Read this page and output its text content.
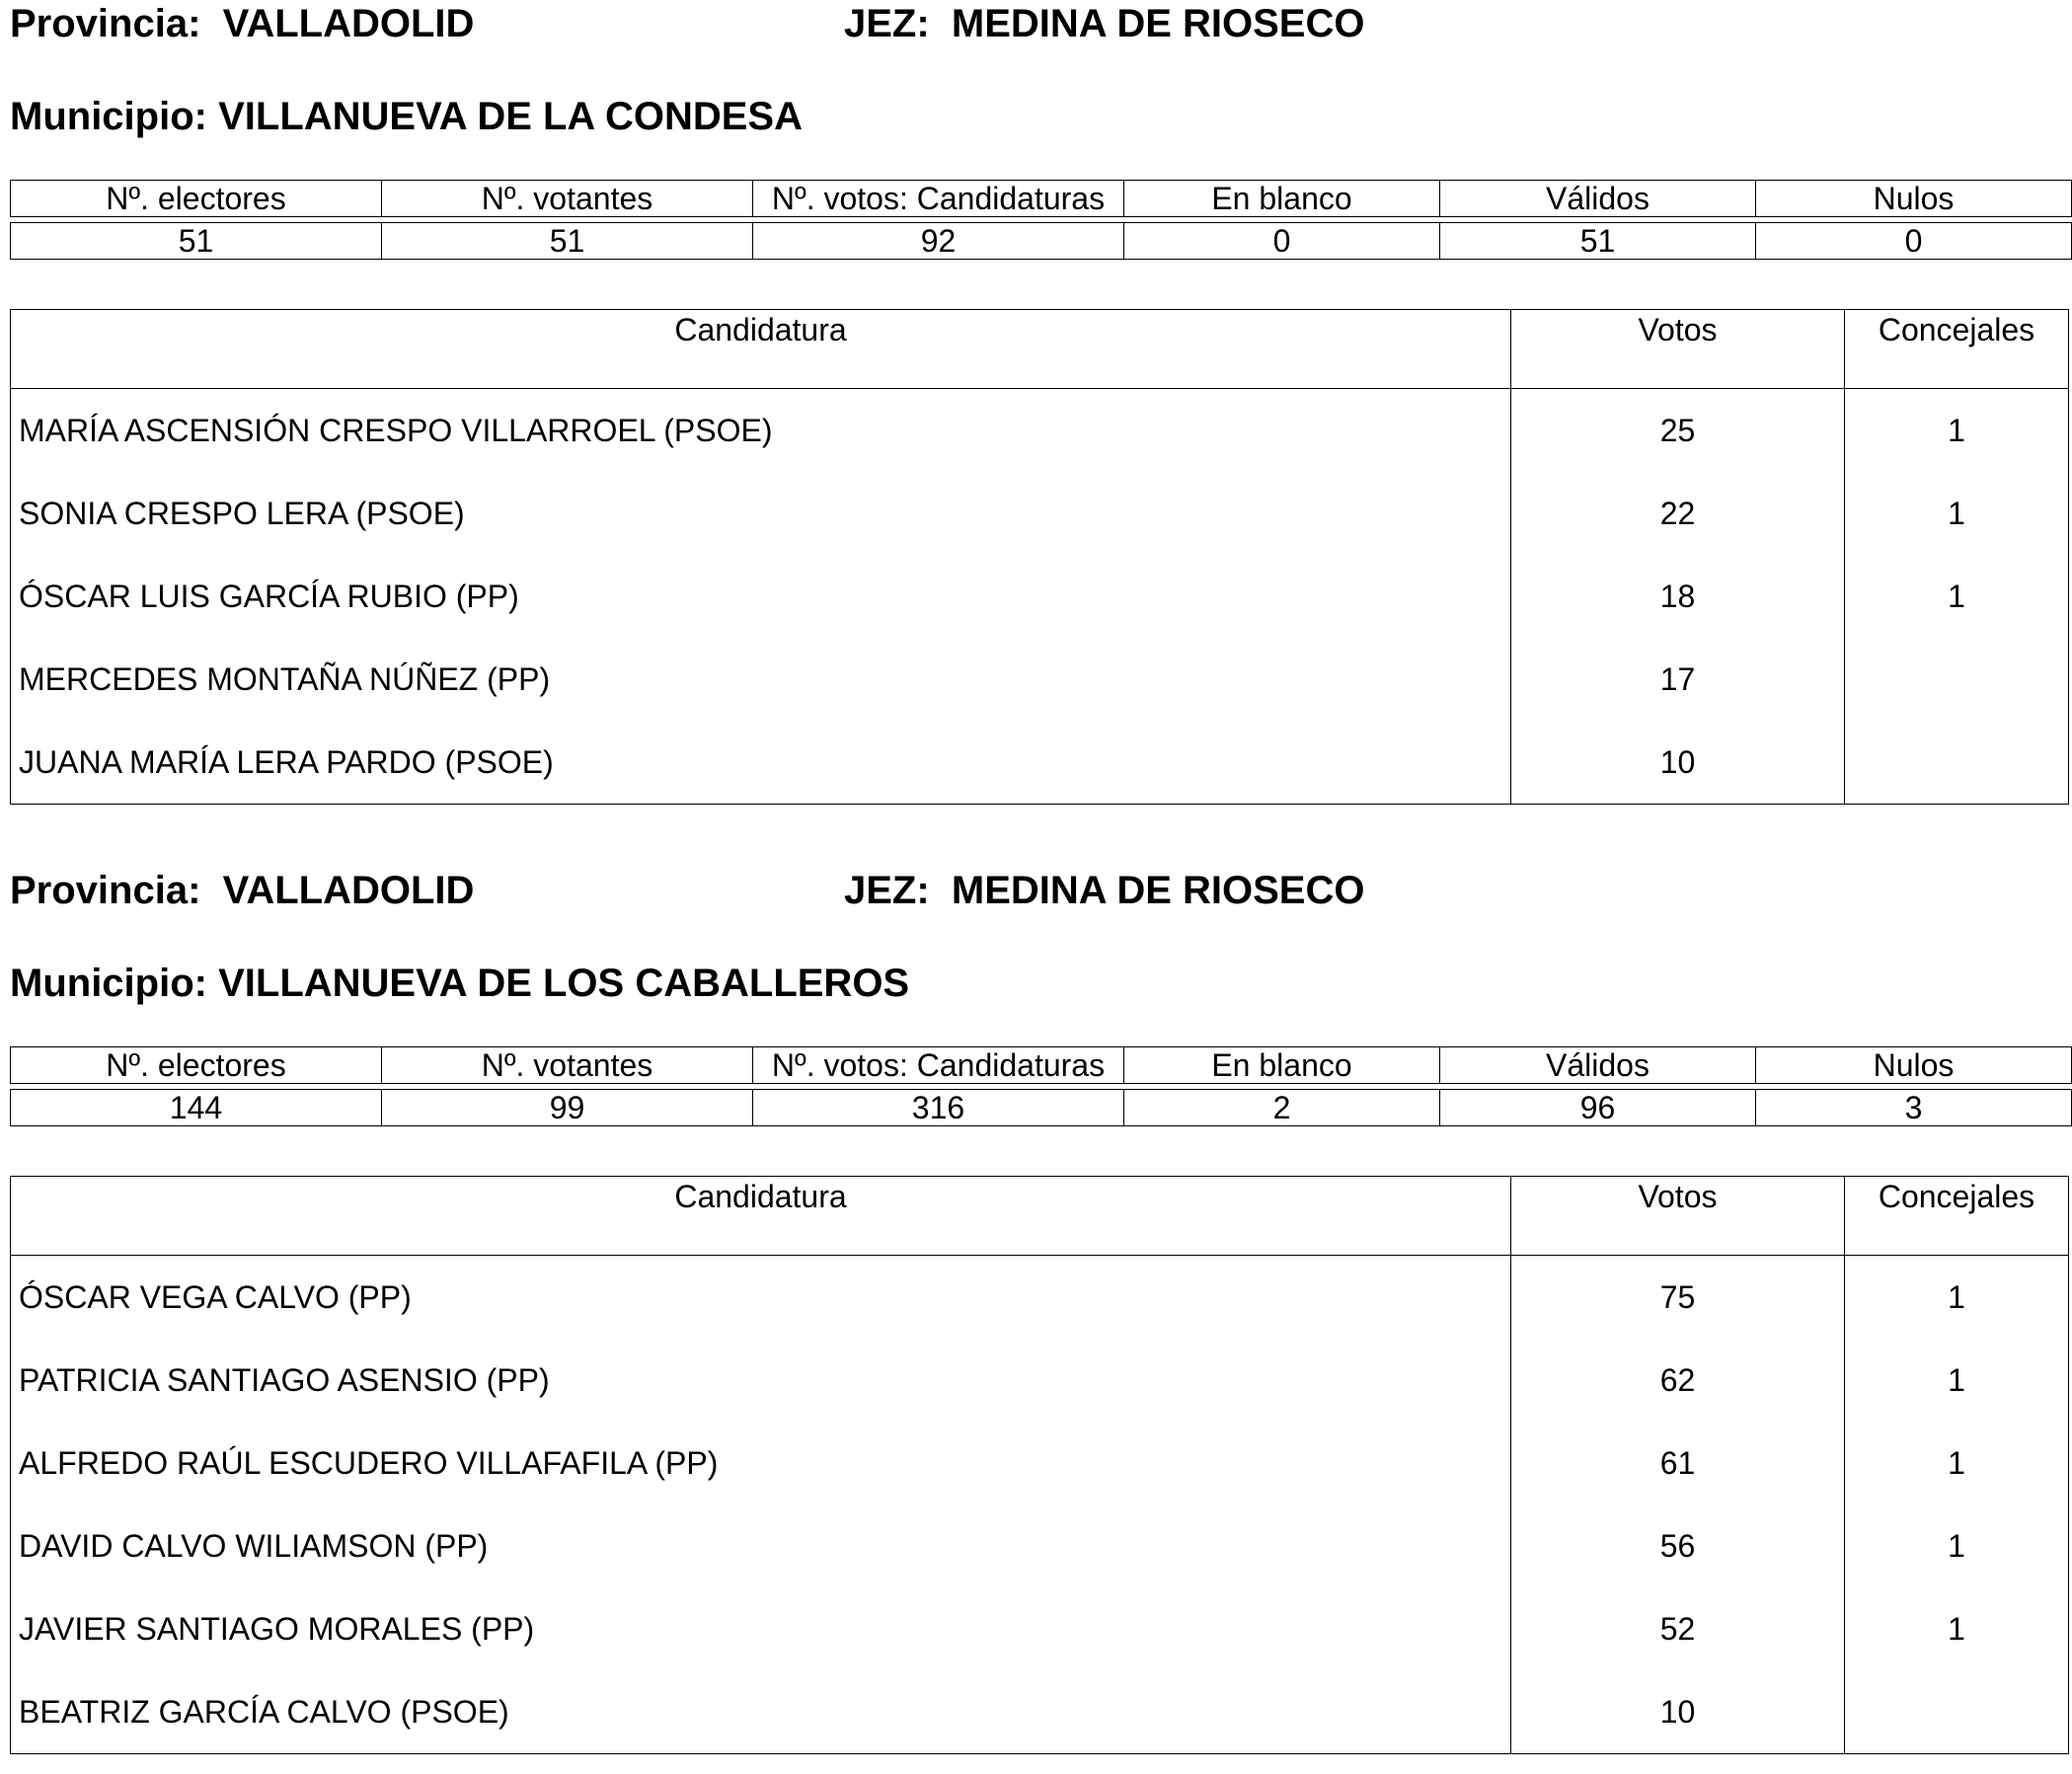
Provincia: VALLADOLID	JEZ: MEDINA DE RIOSECO
Municipio: VILLANUEVA DE LA CONDESA
Nº. electores	Nº. votantes	Nº. votos: Candidaturas	En blanco	Válidos	Nulos
51	51	92	0	51	0
Candidatura	Votos	Concejales
MARÍA ASCENSIÓN CRESPO VILLARROEL (PSOE)	25	1
SONIA CRESPO LERA (PSOE)	22	1
ÓSCAR LUIS GARCÍA RUBIO (PP)	18	1
MERCEDES MONTAÑA NÚÑEZ (PP)	17	
JUANA MARÍA LERA PARDO (PSOE)	10	
Provincia: VALLADOLID	JEZ: MEDINA DE RIOSECO
Municipio: VILLANUEVA DE LOS CABALLEROS
Nº. electores	Nº. votantes	Nº. votos: Candidaturas	En blanco	Válidos	Nulos
144	99	316	2	96	3
Candidatura	Votos	Concejales
ÓSCAR VEGA CALVO (PP)	75	1
PATRICIA SANTIAGO ASENSIO (PP)	62	1
ALFREDO RAÚL ESCUDERO VILLAFAFILA (PP)	61	1
DAVID CALVO WILIAMSON (PP)	56	1
JAVIER SANTIAGO MORALES (PP)	52	1
BEATRIZ GARCÍA CALVO (PSOE)	10	
